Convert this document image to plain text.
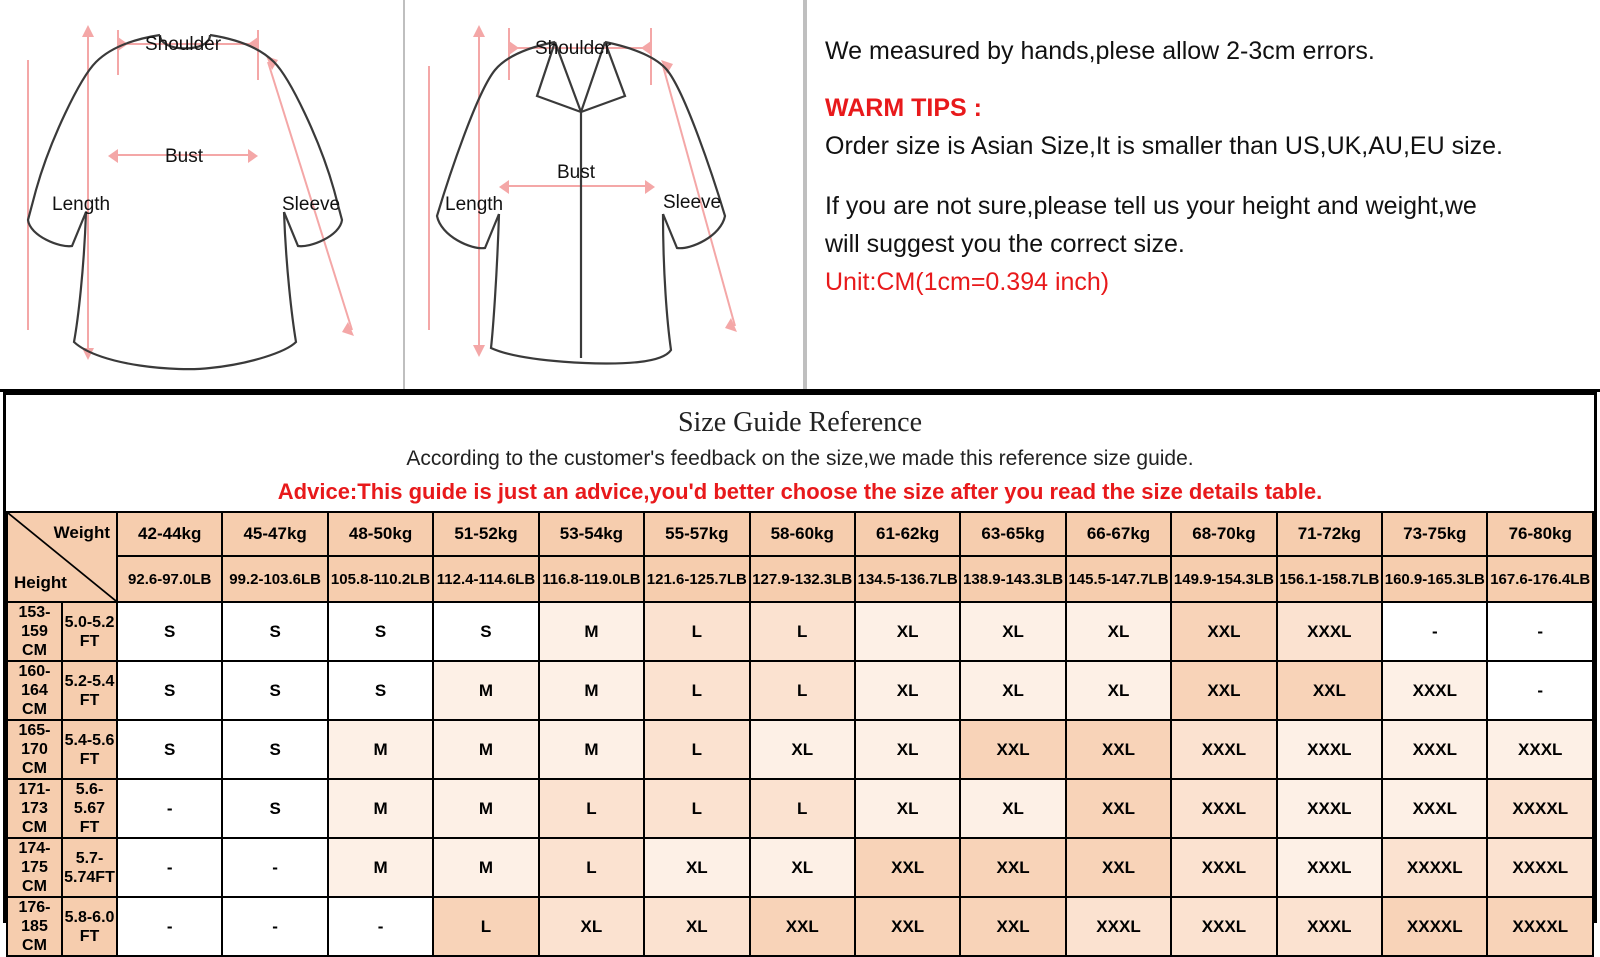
Shoulder
Bust
Length	Sleeve
Shoulder
Bust
Length	Sleeve
We measured by hands,plese allow 2-3cm errors.
WARM TIPS :
Order size is Asian Size,It is smaller than US,UK,AU,EU size.
If you are not sure,please tell us your height and weight,we
will suggest you the correct size.
Unit:CM(1cm=0.394 inch)
Size Guide Reference
According to the customer's feedback on the size,we made this reference size guide.
Advice:This guide is just an advice,you'd better choose the size after you read the size details table.
Weight
Height		42-44kg	45-47kg	48-50kg	51-52kg	53-54kg	55-57kg	58-60kg	61-62kg	63-65kg	66-67kg	68-70kg	71-72kg	73-75kg	76-80kg
		92.6-97.0LB	99.2-103.6LB	105.8-110.2LB	112.4-114.6LB	116.8-119.0LB	121.6-125.7LB	127.9-132.3LB	134.5-136.7LB	138.9-143.3LB	145.5-147.7LB	149.9-154.3LB	156.1-158.7LB	160.9-165.3LB	167.6-176.4LB
153-159 CM	5.0-5.2 FT	S	S	S	S	M	L	L	XL	XL	XL	XXL	XXXL	-	-
160-164 CM	5.2-5.4 FT	S	S	S	M	M	L	L	XL	XL	XL	XXL	XXL	XXXL	-
165-170 CM	5.4-5.6 FT	S	S	M	M	M	L	XL	XL	XXL	XXL	XXXL	XXXL	XXXL	XXXL
171-173 CM	5.6-5.67 FT	-	S	M	M	L	L	L	XL	XL	XXL	XXXL	XXXL	XXXL	XXXXL
174-175 CM	5.7-5.74FT	-	-	M	M	L	XL	XL	XXL	XXL	XXL	XXXL	XXXL	XXXXL	XXXXL
176-185 CM	5.8-6.0 FT	-	-	-	L	XL	XL	XXL	XXL	XXL	XXXL	XXXL	XXXL	XXXXL	XXXXL
